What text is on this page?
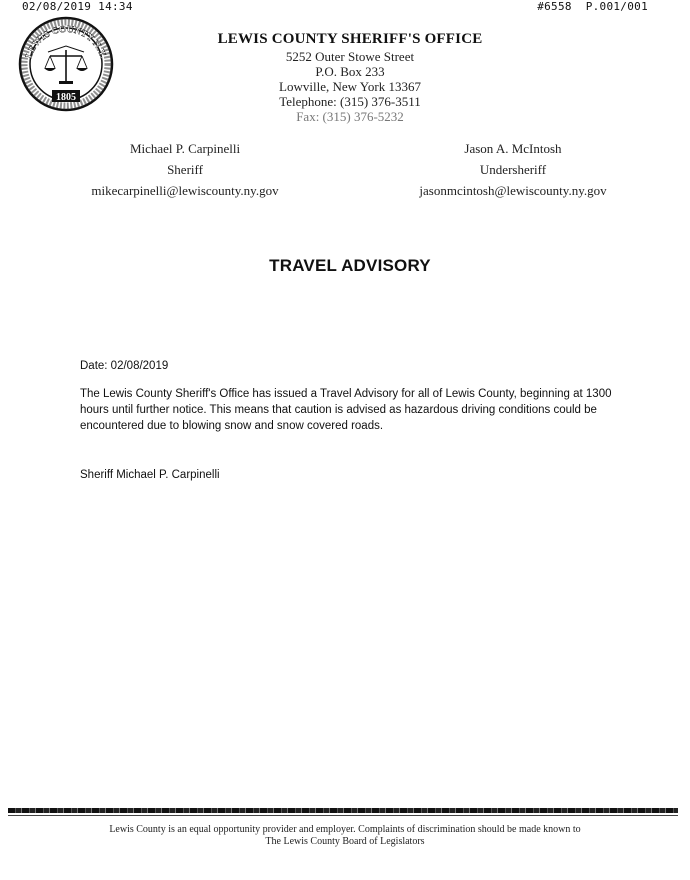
02/08/2019 14:34	#6558 P.001/001
LEWIS COUNTY N.Y.
1805
LEWIS COUNTY SHERIFF'S OFFICE
5252 Outer Stowe Street
P.O. Box 233
Lowville, New York 13367
Telephone: (315) 376-3511
Fax: (315) 376-5232
Michael P. Carpinelli
Sheriff
mikecarpinelli@lewiscounty.ny.gov
Jason A. McIntosh
Undersheriff
jasonmcintosh@lewiscounty.ny.gov
TRAVEL ADVISORY
Date: 02/08/2019
The Lewis County Sheriff's Office has issued a Travel Advisory for all of Lewis County, beginning at 1300 hours until further notice. This means that caution is advised as hazardous driving conditions could be encountered due to blowing snow and snow covered roads.
Sheriff Michael P. Carpinelli
Lewis County is an equal opportunity provider and employer. Complaints of discrimination should be made known to
The Lewis County Board of Legislators
